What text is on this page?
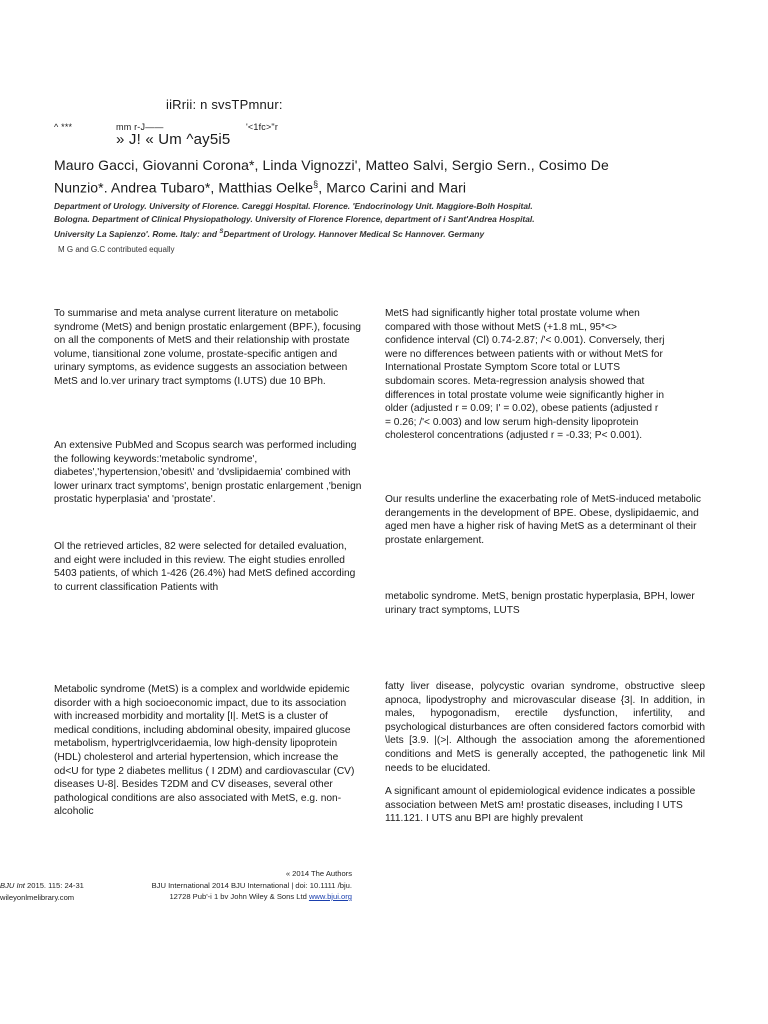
iiRrii: n svsTPmnur:
^ ***	mm r-J——	'<1fc>"r
» J! « Um ^ay5i5
Mauro Gacci, Giovanni Corona*, Linda Vignozzi', Matteo Salvi, Sergio Sern., Cosimo De
Nunzio*. Andrea Tubaro*, Matthias Oelke§, Marco Carini and Mari
Department of Urology. University of Florence. Careggi Hospital. Florence. 'Endocrinology Unit. Maggiore-Bolh Hospital.
Bologna. Department of Clinical Physiopathology. University of Florence Florence, department of i Sant'Andrea Hospital.
University La Sapienzo'. Rome. Italy: and $^S$Department of Urology. Hannover Medical Sc Hannover. Germany
M G and G.C contributed equally
To summarise and meta analyse current literature on metabolic syndrome (MetS) and benign prostatic enlargement (BPF.), focusing on all the components of MetS and their relationship with prostate volume, tiansitional zone volume, prostate-specific antigen and urinary symptoms, as evidence suggests an association between MetS and lo.ver urinary tract symptoms (I.UTS) due 10 BPh.
An extensive PubMed and Scopus search was performed including the following keywords:'metabolic syndrome', diabetes','hypertension,'obesit\' and 'dvslipidaemia' combined with lower urinarx tract symptoms', benign prostatic enlargement ,'benign prostatic hyperplasia' and 'prostate'.
Ol the retrieved articles, 82 were selected for detailed evaluation, and eight were included in this review. The eight studies enrolled 5403 patients, of which 1-426 (26.4%) had MetS defined according to current classification Patients with
MetS had significantly higher total prostate volume when
compared with those without MetS (+1.8 mL, 95*<>
confidence interval (Cl) 0.74-2.87; /'< 0.001). Conversely, therj
were no differences between patients with or without MetS for
International Prostate Symptom Score total or LUTS
subdomain scores. Meta-regression analysis showed that
differences in total prostate volume weie significantly higher in
older (adjusted r = 0.09; I' = 0.02), obese patients (adjusted r
= 0.26; /'< 0.003) and low serum high-density lipoprotein
cholesterol concentrations (adjusted r = -0.33; P< 0.001).
Our results underline the exacerbating role of MetS-induced metabolic derangements in the development of BPE. Obese, dyslipidaemic, and aged men have a higher risk of having MetS as a determinant ol their prostate enlargement.
metabolic syndrome. MetS, benign prostatic hyperplasia, BPH, lower urinary tract symptoms, LUTS
Metabolic syndrome (MetS) is a complex and worldwide epidemic disorder with a high socioeconomic impact, due to its association with increased morbidity and mortality [I|. MetS is a cluster of medical conditions, including abdominal obesity, impaired glucose metabolism, hypertriglvceridaemia, low high-density lipoprotein (HDL) cholesterol and arterial hypertension, which increase the od<U for type 2 diabetes mellitus ( I 2DM) and cardiovascular (CV) diseases U-8|. Besides T2DM and CV diseases, several other pathological conditions are also associated with MetS, e.g. non-alcoholic
fatty liver disease, polycystic ovarian syndrome, obstructive sleep apnoca, lipodystrophy and microvascular disease {3|. In addition, in males, hypogonadism, erectile dysfunction, infertility, and psychological disturbances are often considered factors comorbid with \lets [3.9. |(>|. Although the association among the aforementioned conditions and MetS is generally accepted, the pathogenetic link Mil needs to be elucidated.
A significant amount ol epidemiological evidence indicates a possible association between MetS am! prostatic diseases, including I UTS 111.121. I UTS anu BPI are highly prevalent
BJU Int 2015. 115: 24-31
wileyonlmelibrary.com
« 2014 The Authors
BJU International 2014 BJU International | doi: 10.1111 /bju.
12728 Pub'-i 1 bv John Wiley & Sons Ltd www.bjui.org
